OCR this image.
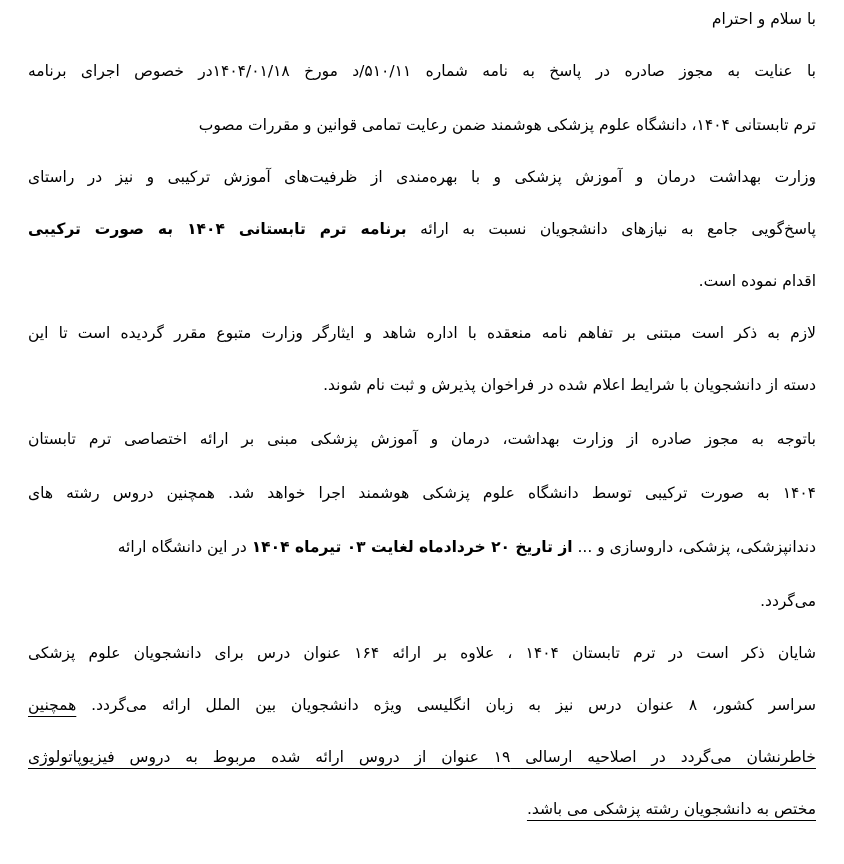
با سلام و احترام
با عنایت به مجوز صادره در پاسخ به نامه شماره ۵۱۰/۱۱/د مورخ ۱۴۰۴/۰۱/۱۸در خصوص اجرای برنامه
ترم تابستانی ۱۴۰۴، دانشگاه علوم پزشکی هوشمند ضمن رعایت تمامی قوانین و مقررات مصوب
وزارت بهداشت درمان و آموزش پزشکی و با بهره‌مندی از ظرفیت‌های آموزش ترکیبی و نیز در راستای
پاسخ‌گویی جامع به نیازهای دانشجویان نسبت به ارائه برنامه ترم تابستانی ۱۴۰۴ به صورت ترکیبی
اقدام نموده است.
لازم به ذکر است مبتنی بر تفاهم نامه منعقده با اداره شاهد و ایثارگر وزارت متبوع مقرر گردیده است تا این
دسته از دانشجویان با شرایط اعلام شده در فراخوان پذیرش و ثبت نام شوند.
باتوجه به مجوز صادره از وزارت بهداشت، درمان و آموزش پزشکی مبنی بر ارائه اختصاصی ترم تابستان
۱۴۰۴ به صورت ترکیبی توسط دانشگاه علوم پزشکی هوشمند اجرا خواهد شد. همچنین دروس رشته های
دندانپزشکی، پزشکی، داروسازی و ... از تاریخ ۲۰ خردادماه لغایت ۰۳ تیرماه ۱۴۰۴ در این دانشگاه ارائه
می‌گردد.
شایان ذکر است در ترم تابستان ۱۴۰۴ ، علاوه بر ارائه ۱۶۴ عنوان درس برای دانشجویان علوم پزشکی
سراسر کشور، ۸ عنوان درس نیز به زبان انگلیسی ویژه دانشجویان بین الملل ارائه می‌گردد. همچنین
خاطرنشان می‌گردد در اصلاحیه ارسالی ۱۹ عنوان از دروس ارائه شده مربوط به دروس فیزیوپاتولوژی
مختص به دانشجویان رشته پزشکی می باشد.
